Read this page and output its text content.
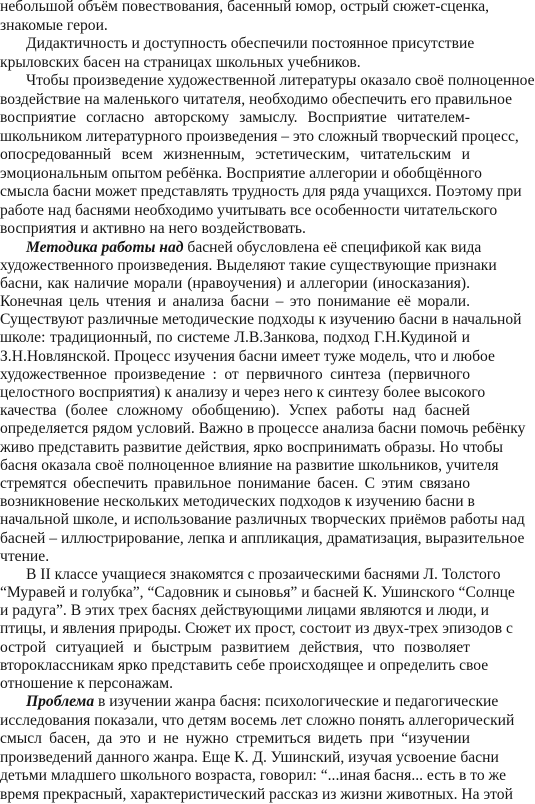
небольшой объём повествования, басенный юмор, острый сюжет-сценка,
знакомые герои.
Дидактичность и доступность обеспечили постоянное присутствие
крыловских басен на страницах школьных учебников.
Чтобы произведение художественной литературы оказало своё полноценное
воздействие на маленького читателя, необходимо обеспечить его правильное
восприятие согласно авторскому замыслу. Восприятие читателем-
школьником литературного произведения – это сложный творческий процесс,
опосредованный всем жизненным, эстетическим, читательским и
эмоциональным опытом ребёнка. Восприятие аллегории и обобщённого
смысла басни может представлять трудность для ряда учащихся. Поэтому при
работе над баснями необходимо учитывать все особенности читательского
восприятия и активно на него воздействовать.
Методика работы над басней обусловлена её спецификой как вида
художественного произведения. Выделяют такие существующие признаки
басни, как наличие морали (нравоучения) и аллегории (иносказания).
Конечная цель чтения и анализа басни – это понимание её морали.
Существуют различные методические подходы к изучению басни в начальной
школе: традиционный, по системе Л.В.Занкова, подход Г.Н.Кудиной и
З.Н.Новлянской. Процесс изучения басни имеет туже модель, что и любое
художественное произведение : от первичного синтеза (первичного
целостного восприятия) к анализу и через него к синтезу более высокого
качества (более сложному обобщению). Успех работы над басней
определяется рядом условий. Важно в процессе анализа басни помочь ребёнку
живо представить развитие действия, ярко воспринимать образы. Но чтобы
басня оказала своё полноценное влияние на развитие школьников, учителя
стремятся обеспечить правильное понимание басен. С этим связано
возникновение нескольких методических подходов к изучению басни в
начальной школе, и использование различных творческих приёмов работы над
басней – иллюстрирование, лепка и аппликация, драматизация, выразительное
чтение.
В II классе учащиеся знакомятся с прозаическими баснями Л. Толстого
“Муравей и голубка”, “Садовник и сыновья” и басней К. Ушинского “Солнце
и радуга”. В этих трех баснях действующими лицами являются и люди, и
птицы, и явления природы. Сюжет их прост, состоит из двух-трех эпизодов с
острой ситуацией и быстрым развитием действия, что позволяет
второклассникам ярко представить себе происходящее и определить свое
отношение к персонажам.
Проблема в изучении жанра басня: психологические и педагогические
исследования показали, что детям восемь лет сложно понять аллегорический
смысл басен, да это и не нужно стремиться видеть при “изучении
произведений данного жанра. Еще К. Д. Ушинский, изучая усвоение басни
детьми младшего школьного возраста, говорил: “...иная басня... есть в то же
время прекрасный, характеристический рассказ из жизни животных. На этой
